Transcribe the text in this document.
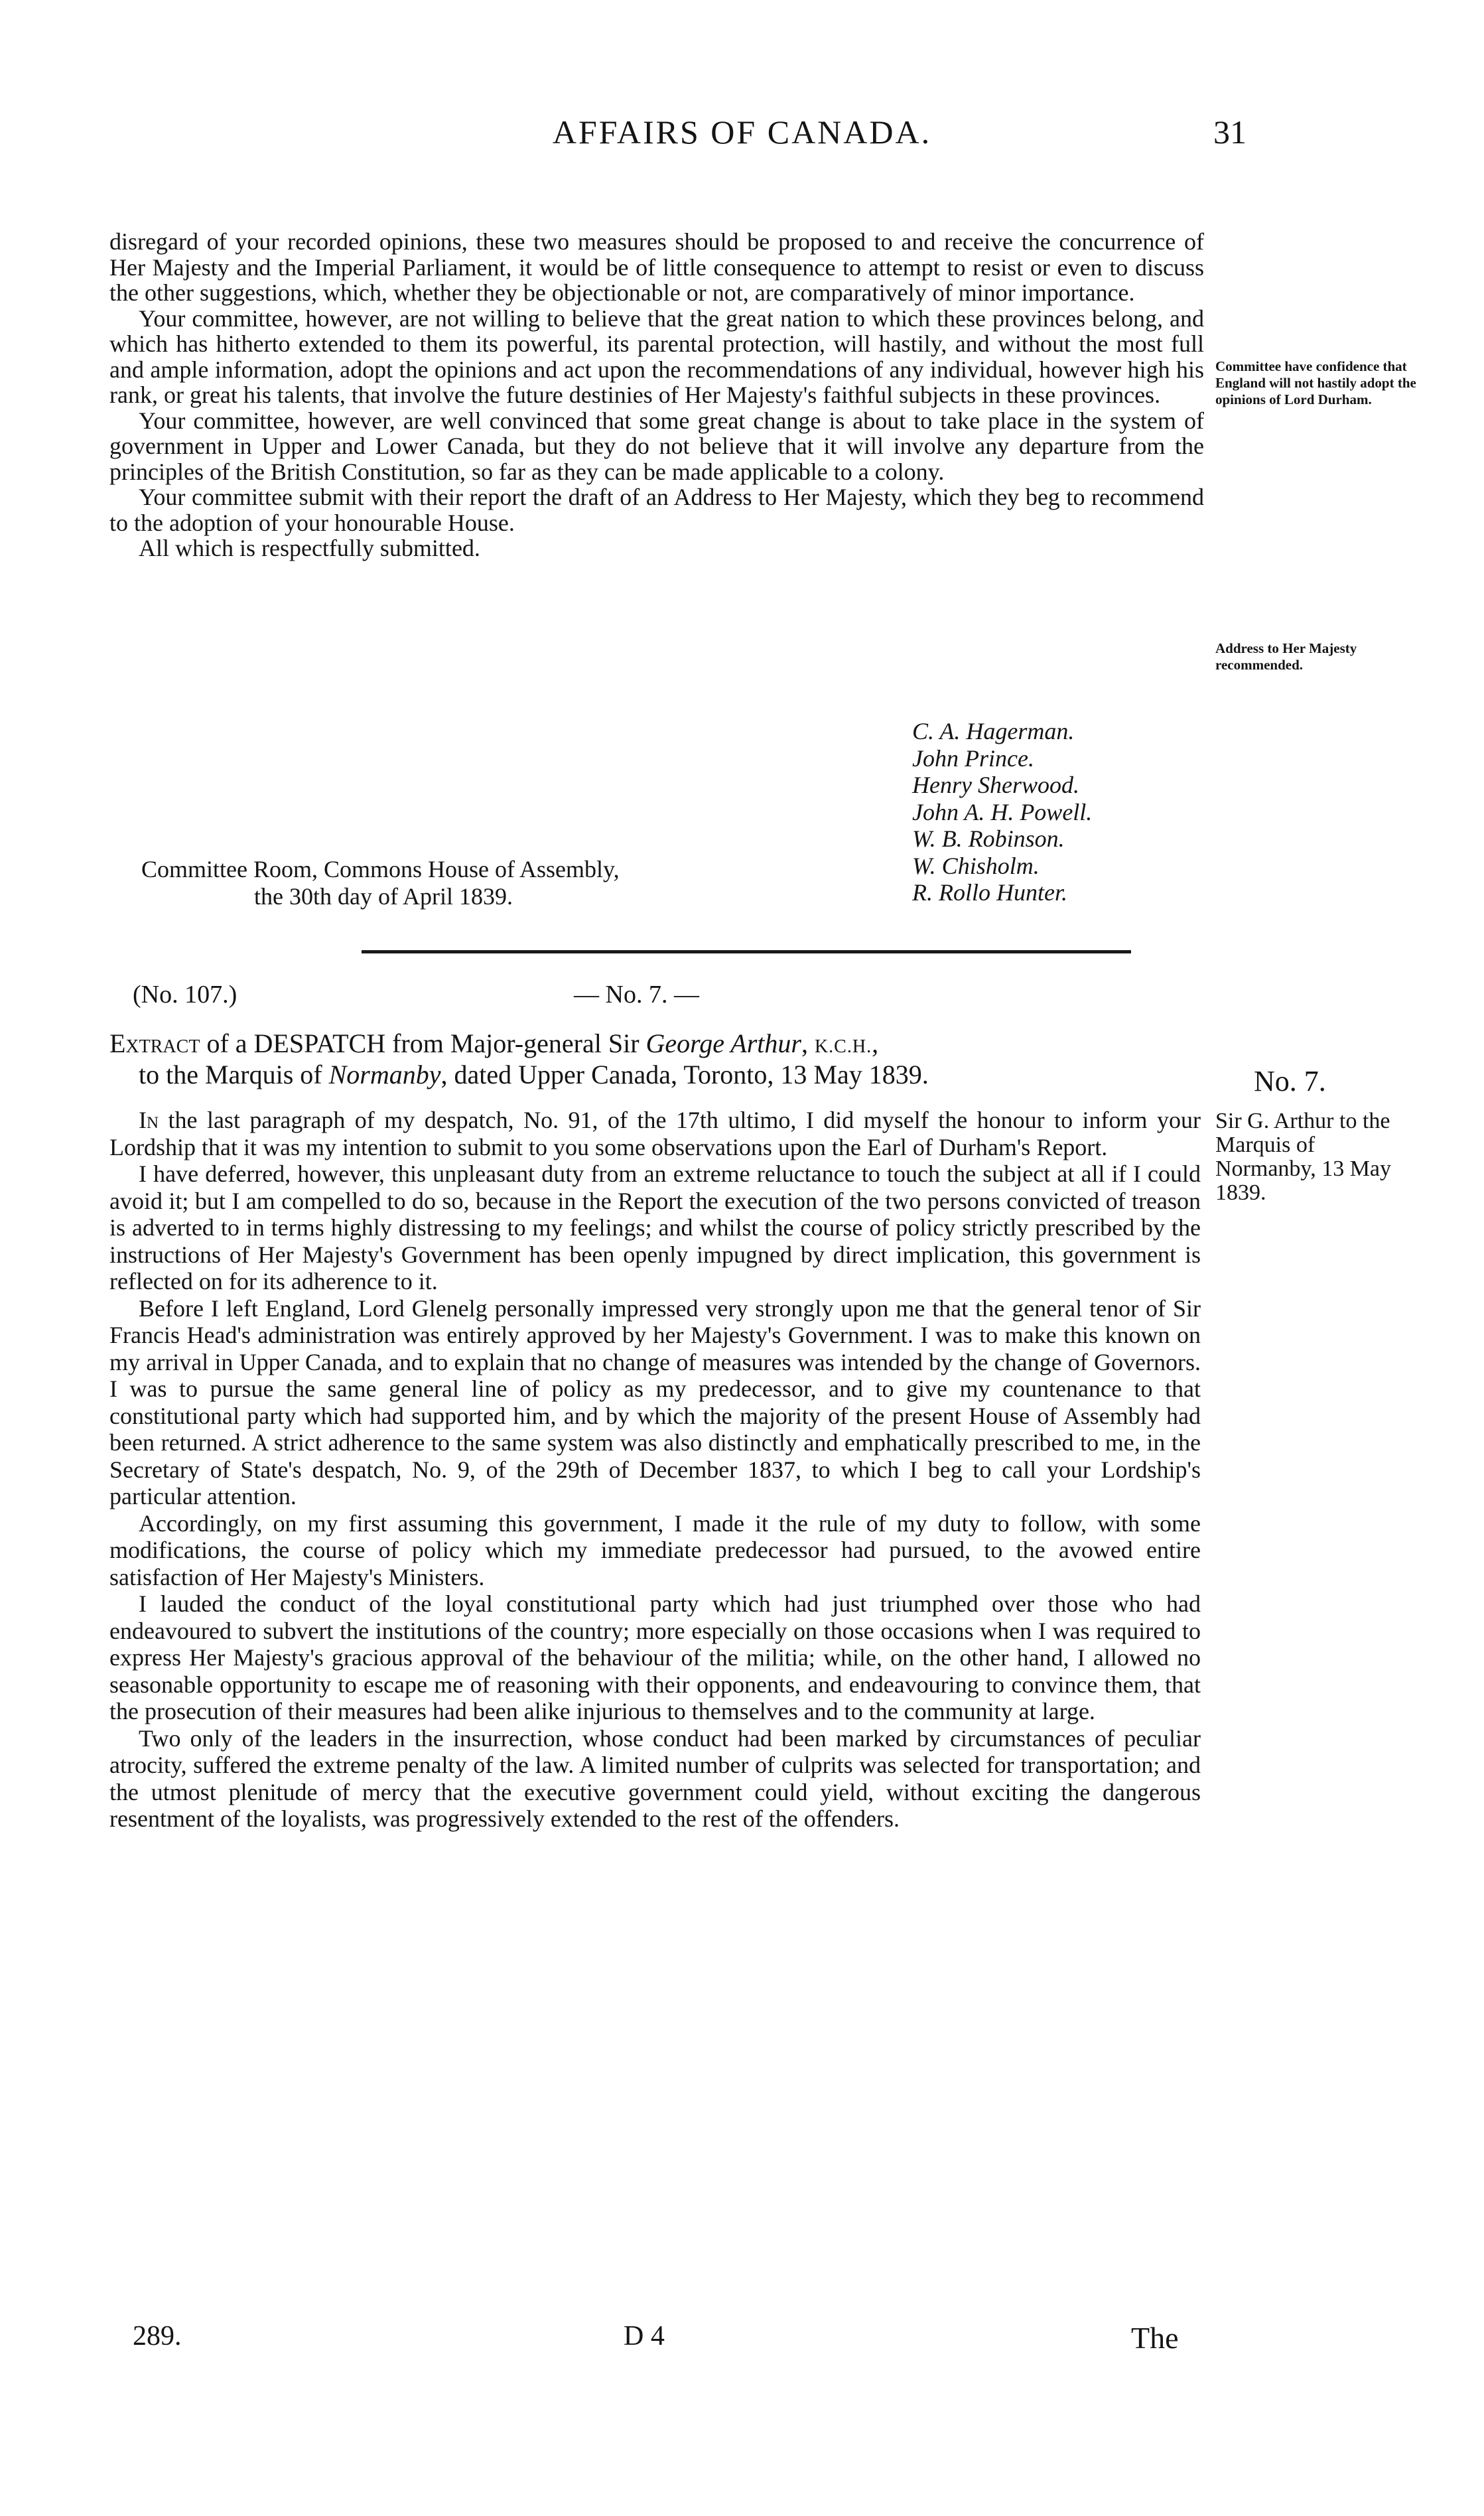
AFFAIRS OF CANADA.	31

disregard of your recorded opinions, these two measures should be proposed to and receive the concurrence of Her Majesty and the Imperial Parliament, it would be of little consequence to attempt to resist or even to discuss the other suggestions, which, whether they be objectionable or not, are comparatively of minor importance.

Your committee, however, are not willing to believe that the great nation to which these provinces belong, and which has hitherto extended to them its powerful, its parental protection, will hastily, and without the most full and ample information, adopt the opinions and act upon the recommendations of any individual, however high his rank, or great his talents, that involve the future destinies of Her Majesty's faithful subjects in these provinces.

Your committee, however, are well convinced that some great change is about to take place in the system of government in Upper and Lower Canada, but they do not believe that it will involve any departure from the principles of the British Constitution, so far as they can be made applicable to a colony.

Your committee submit with their report the draft of an Address to Her Majesty, which they beg to recommend to the adoption of your honourable House.

All which is respectfully submitted.

Committee have confidence that England will not hastily adopt the opinions of Lord Durham.
Address to Her Majesty recommended.
C. A. Hagerman.
John Prince.
Henry Sherwood.
John A. H. Powell.
W. B. Robinson.
W. Chisholm.
R. Rollo Hunter.
Committee Room, Commons House of Assembly,
the 30th day of April 1839.
(No. 107.)	— No. 7. —

Extract of a DESPATCH from Major-general Sir George Arthur, K.C.H.,

to the Marquis of Normanby, dated Upper Canada, Toronto, 13 May 1839.	No. 7.
Sir G. Arthur to the Marquis of Normanby, 13 May 1839.

In the last paragraph of my despatch, No. 91, of the 17th ultimo, I did myself the honour to inform your Lordship that it was my intention to submit to you some observations upon the Earl of Durham's Report.

I have deferred, however, this unpleasant duty from an extreme reluctance to touch the subject at all if I could avoid it; but I am compelled to do so, because in the Report the execution of the two persons convicted of treason is adverted to in terms highly distressing to my feelings; and whilst the course of policy strictly prescribed by the instructions of Her Majesty's Government has been openly impugned by direct implication, this government is reflected on for its adherence to it.

Before I left England, Lord Glenelg personally impressed very strongly upon me that the general tenor of Sir Francis Head's administration was entirely approved by her Majesty's Government. I was to make this known on my arrival in Upper Canada, and to explain that no change of measures was intended by the change of Governors. I was to pursue the same general line of policy as my predecessor, and to give my countenance to that constitutional party which had supported him, and by which the majority of the present House of Assembly had been returned. A strict adherence to the same system was also distinctly and emphatically prescribed to me, in the Secretary of State's despatch, No. 9, of the 29th of December 1837, to which I beg to call your Lordship's particular attention.

Accordingly, on my first assuming this government, I made it the rule of my duty to follow, with some modifications, the course of policy which my immediate predecessor had pursued, to the avowed entire satisfaction of Her Majesty's Ministers.

I lauded the conduct of the loyal constitutional party which had just triumphed over those who had endeavoured to subvert the institutions of the country; more especially on those occasions when I was required to express Her Majesty's gracious approval of the behaviour of the militia; while, on the other hand, I allowed no seasonable opportunity to escape me of reasoning with their opponents, and endeavouring to convince them, that the prosecution of their measures had been alike injurious to themselves and to the community at large.

Two only of the leaders in the insurrection, whose conduct had been marked by circumstances of peculiar atrocity, suffered the extreme penalty of the law. A limited number of culprits was selected for transportation; and the utmost plenitude of mercy that the executive government could yield, without exciting the dangerous resentment of the loyalists, was progressively extended to the rest of the offenders.

289.	D 4	The
